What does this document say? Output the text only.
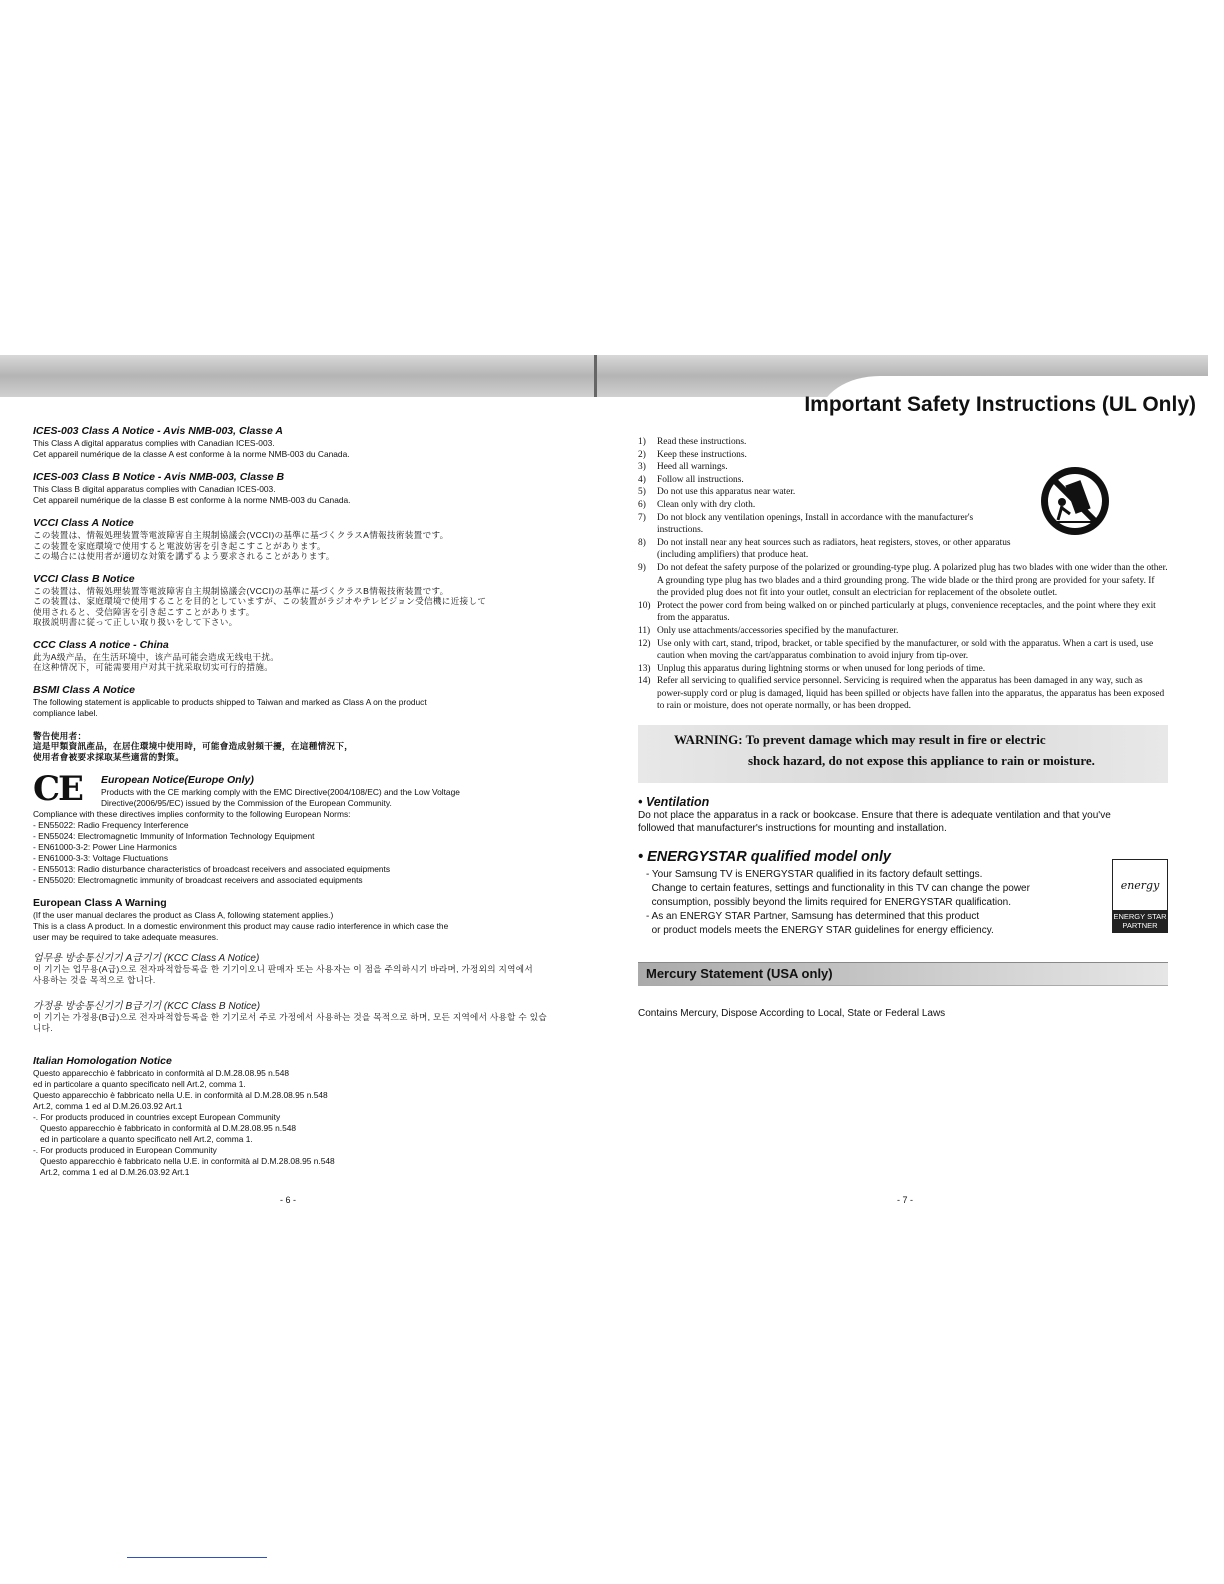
Important Safety Instructions (UL Only)
ICES-003 Class A Notice - Avis NMB-003, Classe A
This Class A digital apparatus complies with Canadian ICES-003.
Cet appareil numérique de la classe A est conforme à la norme NMB-003 du Canada.
ICES-003 Class B Notice - Avis NMB-003, Classe B
This Class B digital apparatus complies with Canadian ICES-003.
Cet appareil numérique de la classe B est conforme à la norme NMB-003 du Canada.
VCCI Class A Notice
この装置は、情報処理装置等電波障害自主規制協議会(VCCI)の基準に基づくクラスA情報技術装置です。
この装置を家庭環境で使用すると電波妨害を引き起こすことがあります。
この場合には使用者が適切な対策を講ずるよう要求されることがあります。
VCCI Class B Notice
この装置は、情報処理装置等電波障害自主規制協議会(VCCI)の基準に基づくクラスB情報技術装置です。
この装置は、家庭環境で使用することを目的としていますが、この装置がラジオやテレビジョン受信機に近接して
使用されると、受信障害を引き起こすことがあります。
取扱説明書に従って正しい取り扱いをして下さい。
CCC Class A notice - China
此为A级产品，在生活环境中，该产品可能会造成无线电干扰。
在这种情况下，可能需要用户对其干扰采取切实可行的措施。
BSMI Class A Notice
The following statement is applicable to products shipped to Taiwan and marked as Class A on the product
compliance label.
警告使用者：
這是甲類資訊產品，在居住環境中使用時，可能會造成射頻干擾，在這種情況下，
使用者會被要求採取某些適當的對策。
CE	European Notice(Europe Only)
Products with the CE marking comply with the EMC Directive(2004/108/EC) and the Low Voltage
Directive(2006/95/EC) issued by the Commission of the European Community.
Compliance with these directives implies conformity to the following European Norms:
- EN55022: Radio Frequency Interference
- EN55024: Electromagnetic Immunity of Information Technology Equipment
- EN61000-3-2: Power Line Harmonics
- EN61000-3-3: Voltage Fluctuations
- EN55013: Radio disturbance characteristics of broadcast receivers and associated equipments
- EN55020: Electromagnetic immunity of broadcast receivers and associated equipments
European Class A Warning
(If the user manual declares the product as Class A, following statement applies.)
This is a class A product. In a domestic environment this product may cause radio interference in which case the
user may be required to take adequate measures.
업무용 방송통신기기 A급기기 (KCC Class A Notice)
이 기기는 업무용(A급)으로 전자파적합등록을 한 기기이오니 판매자 또는 사용자는 이 점을 주의하시기 바라며, 가정외의 지역에서
사용하는 것을 목적으로 합니다.
가정용 방송통신기기 B급기기 (KCC Class B Notice)
이 기기는 가정용(B급)으로 전자파적합등록을 한 기기로서 주로 가정에서 사용하는 것을 목적으로 하며, 모든 지역에서 사용할 수 있습니다.
Italian Homologation Notice
Questo apparecchio è fabbricato in conformità al D.M.28.08.95 n.548
ed in particolare a quanto specificato nell Art.2, comma 1.
Questo apparecchio è fabbricato nella U.E. in conformità al D.M.28.08.95 n.548
Art.2, comma 1 ed al D.M.26.03.92 Art.1
-. For products produced in countries except European Community
Questo apparecchio è fabbricato in conformità al D.M.28.08.95 n.548
ed in particolare a quanto specificato nell Art.2, comma 1.
-. For products produced in European Community
Questo apparecchio è fabbricato nella U.E. in conformità al D.M.28.08.95 n.548
Art.2, comma 1 ed al D.M.26.03.92 Art.1
- 6 -
1)	Read these instructions.
2)	Keep these instructions.
3)	Heed all warnings.
4)	Follow all instructions.
5)	Do not use this apparatus near water.
6)	Clean only with dry cloth.
7)	Do not block any ventilation openings, Install in accordance with the manufacturer's instructions.
8)	Do not install near any heat sources such as radiators, heat registers, stoves, or other apparatus (including amplifiers) that produce heat.
9)	Do not defeat the safety purpose of the polarized or grounding-type plug. A polarized plug has two blades with one wider than the other. A grounding type plug has two blades and a third grounding prong. The wide blade or the third prong are provided for your safety. If the provided plug does not fit into your outlet, consult an electrician for replacement of the obsolete outlet.
10) Protect the power cord from being walked on or pinched particularly at plugs, convenience receptacles, and the point where they exit from the apparatus.
11) Only use attachments/accessories specified by the manufacturer.
12) Use only with cart, stand, tripod, bracket, or table specified by the manufacturer, or sold with the apparatus. When a cart is used, use caution when moving the cart/apparatus combination to avoid injury from tip-over.
13) Unplug this apparatus during lightning storms or when unused for long periods of time.
14) Refer all servicing to qualified service personnel. Servicing is required when the apparatus has been damaged in any way, such as power-supply cord or plug is damaged, liquid has been spilled or objects have fallen into the apparatus, the apparatus has been exposed to rain or moisture, does not operate normally, or has been dropped.
WARNING: To prevent damage which may result in fire or electric
shock hazard, do not expose this appliance to rain or moisture.
• Ventilation
Do not place the apparatus in a rack or bookcase. Ensure that there is adequate ventilation and that you've
followed that manufacturer's instructions for mounting and installation.
• ENERGYSTAR qualified model only
- Your Samsung TV is ENERGYSTAR qualified in its factory default settings.
Change to certain features, settings and functionality in this TV can change the power
consumption, possibly beyond the limits required for ENERGYSTAR qualification.
- As an ENERGY STAR Partner, Samsung has determined that this product
or product models meets the ENERGY STAR guidelines for energy efficiency.
energy
ENERGY STAR
PARTNER
Mercury Statement (USA only)
Contains Mercury, Dispose According to Local, State or Federal Laws
- 7 -
